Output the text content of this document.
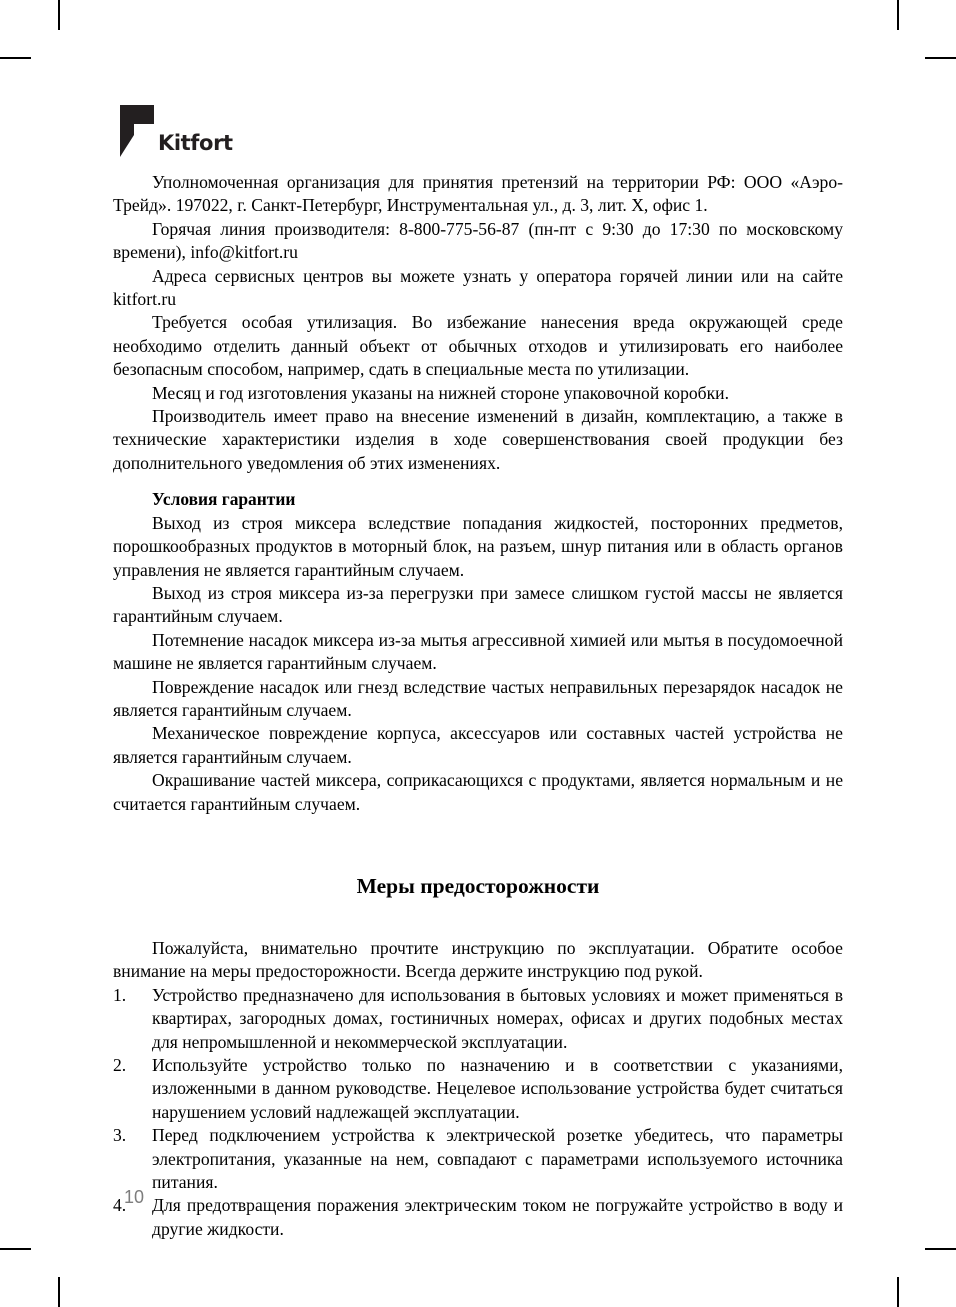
Kitfort

Уполномоченная организация для принятия претензий на территории РФ: ООО «Аэро-Трейд». 197022, г. Санкт-Петербург, Инструментальная ул., д. 3, лит. X, офис 1.

Горячая линия производителя: 8-800-775-56-87 (пн-пт с 9:30 до 17:30 по московскому времени), info@kitfort.ru

Адреса сервисных центров вы можете узнать у оператора горячей линии или на сайте kitfort.ru

Требуется особая утилизация. Во избежание нанесения вреда окружающей среде необходимо отделить данный объект от обычных отходов и утилизировать его наиболее безопасным способом, например, сдать в специальные места по утилизации.

Месяц и год изготовления указаны на нижней стороне упаковочной коробки.

Производитель имеет право на внесение изменений в дизайн, комплектацию, а также в технические характеристики изделия в ходе совершенствования своей продукции без дополнительного уведомления об этих изменениях.

Условия гарантии

Выход из строя миксера вследствие попадания жидкостей, посторонних предметов, порошкообразных продуктов в моторный блок, на разъем, шнур питания или в область органов управления не является гарантийным случаем.

Выход из строя миксера из-за перегрузки при замесе слишком густой массы не является гарантийным случаем.

Потемнение насадок миксера из-за мытья агрессивной химией или мытья в посудомоечной машине не является гарантийным случаем.

Повреждение насадок или гнезд вследствие частых неправильных перезарядок насадок не является гарантийным случаем.

Механическое повреждение корпуса, аксессуаров или составных частей устройства не является гарантийным случаем.

Окрашивание частей миксера, соприкасающихся с продуктами, является нормальным и не считается гарантийным случаем.

Меры предосторожности

Пожалуйста, внимательно прочтите инструкцию по эксплуатации. Обратите особое внимание на меры предосторожности. Всегда держите инструкцию под рукой.

1.	Устройство предназначено для использования в бытовых условиях и может применяться в квартирах, загородных домах, гостиничных номерах, офисах и других подобных местах для непромышленной и некоммерческой эксплуатации.
2.	Используйте устройство только по назначению и в соответствии с указаниями, изложенными в данном руководстве. Нецелевое использование устройства будет считаться нарушением условий надлежащей эксплуатации.
3.	Перед подключением устройства к электрической розетке убедитесь, что параметры электропитания, указанные на нем, совпадают с параметрами используемого источника питания.
4.	Для предотвращения поражения электрическим током не погружайте устройство в воду и другие жидкости.
10
